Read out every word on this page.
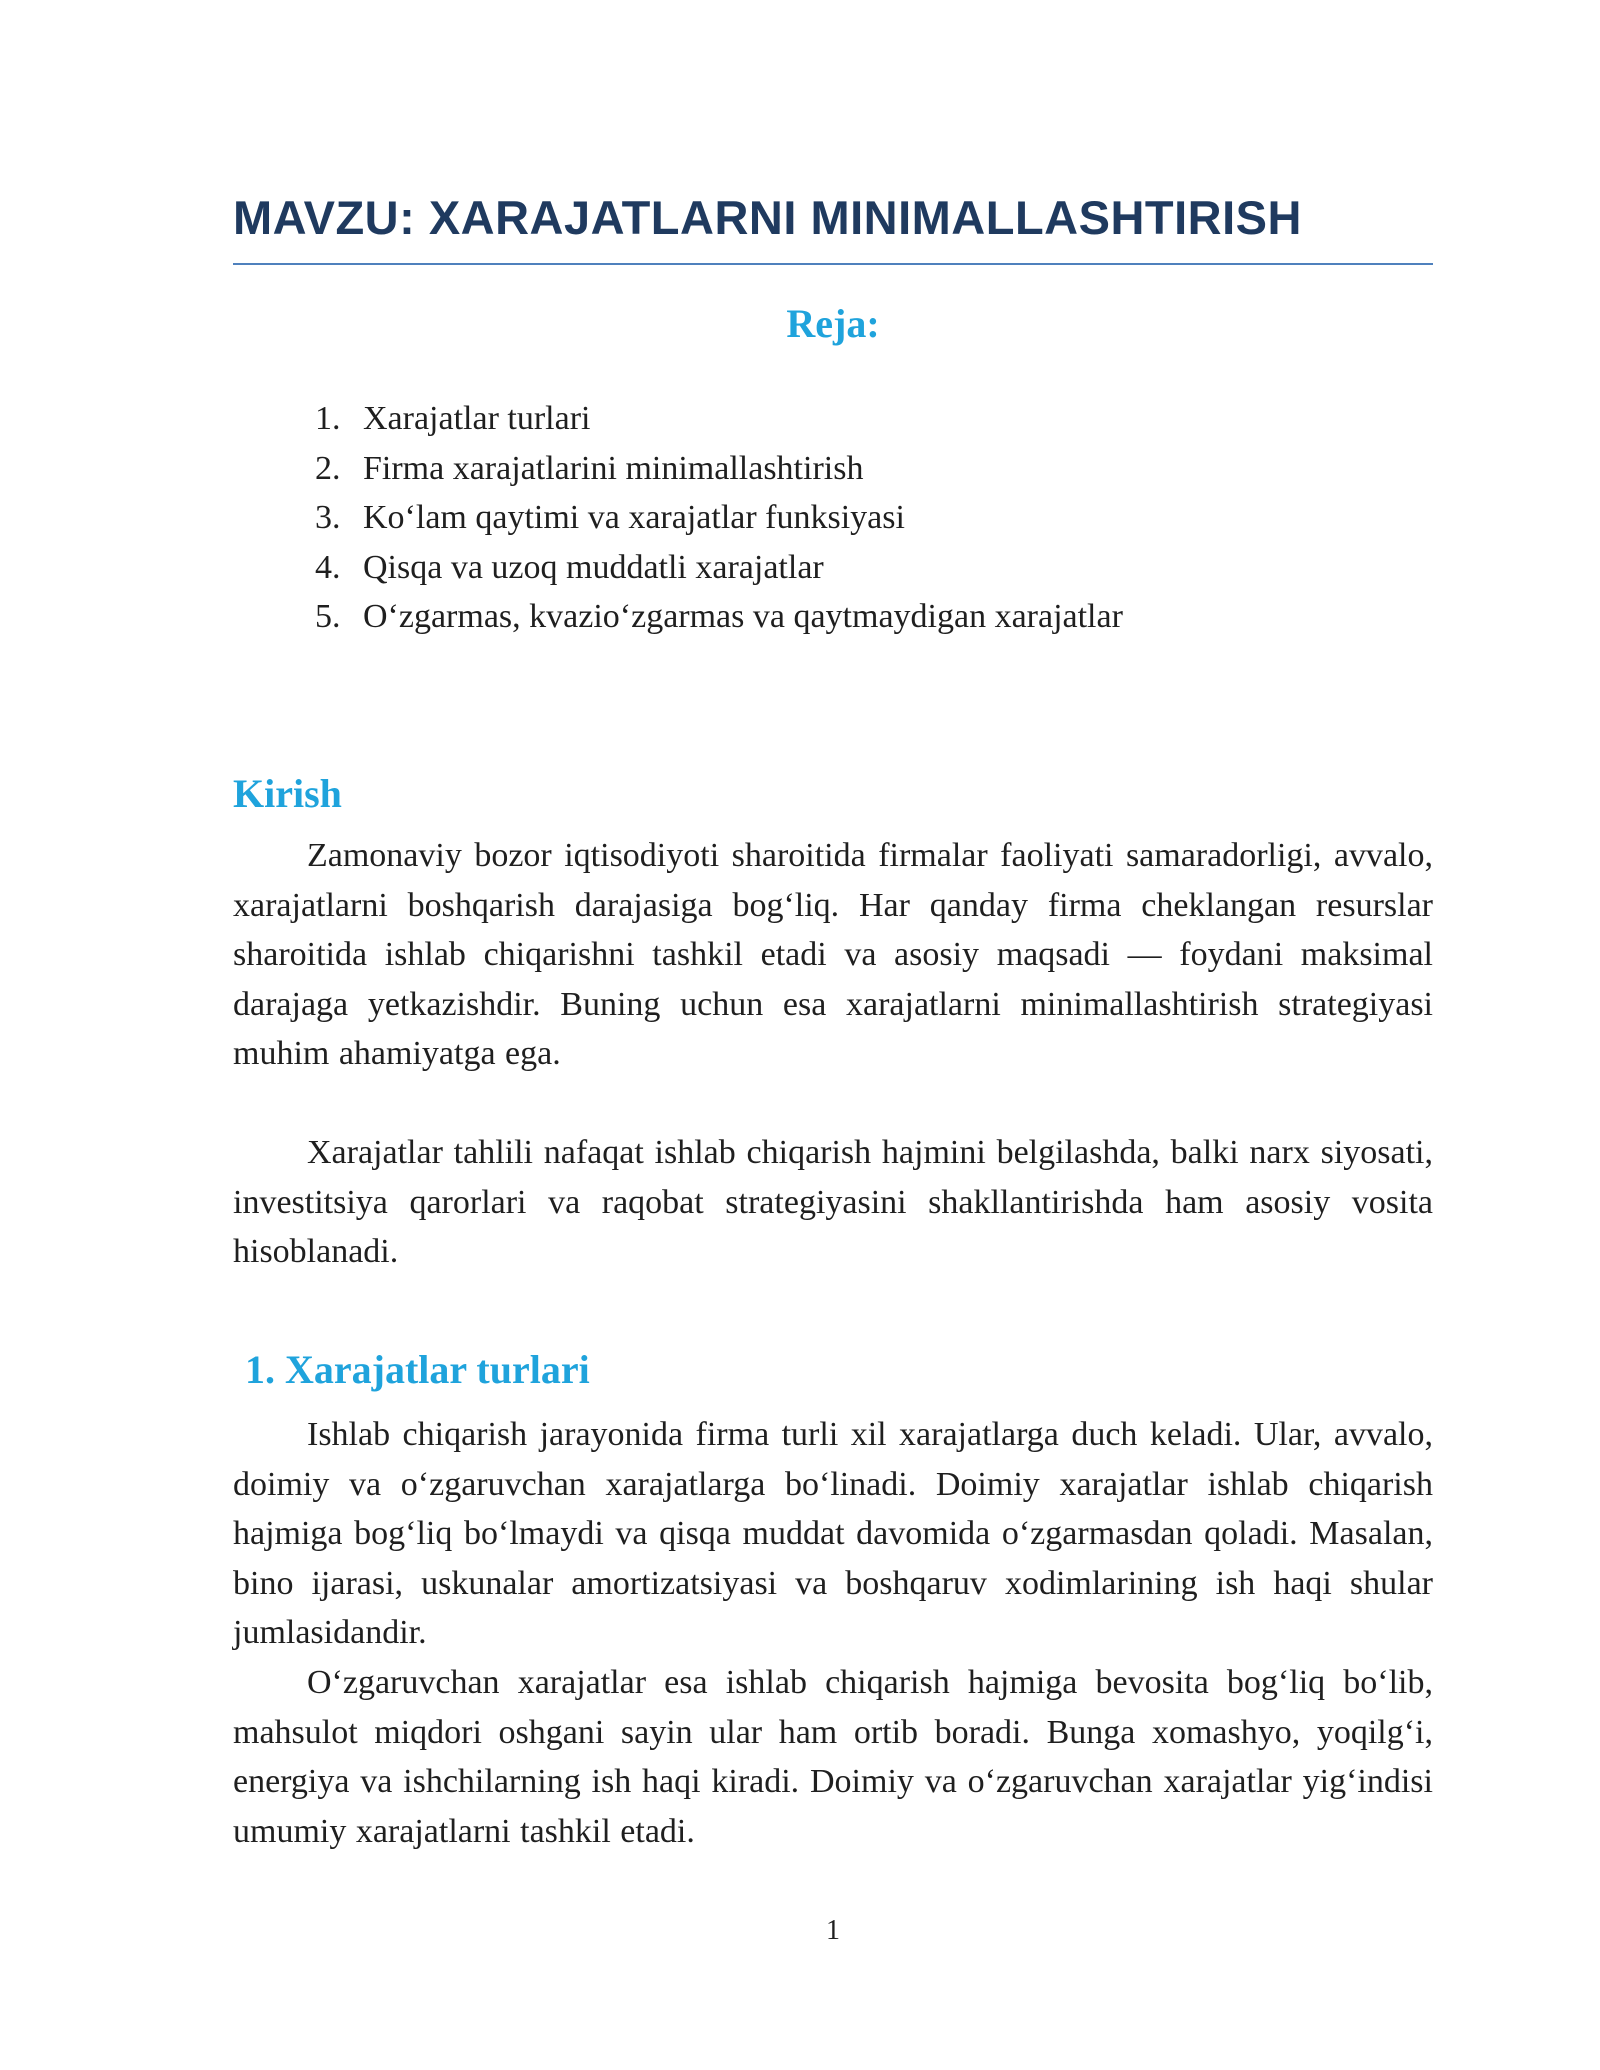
MAVZU: XARAJATLARNI MINIMALLASHTIRISH
Reja:
1. Xarajatlar turlari
2. Firma xarajatlarini minimallashtirish
3. Ko‘lam qaytimi va xarajatlar funksiyasi
4. Qisqa va uzoq muddatli xarajatlar
5. O‘zgarmas, kvazio‘zgarmas va qaytmaydigan xarajatlar
Kirish

Zamonaviy bozor iqtisodiyoti sharoitida firmalar faoliyati samaradorligi, avvalo, xarajatlarni boshqarish darajasiga bog‘liq. Har qanday firma cheklangan resurslar sharoitida ishlab chiqarishni tashkil etadi va asosiy maqsadi — foydani maksimal darajaga yetkazishdir. Buning uchun esa xarajatlarni minimallashtirish strategiyasi muhim ahamiyatga ega.

Xarajatlar tahlili nafaqat ishlab chiqarish hajmini belgilashda, balki narx siyosati, investitsiya qarorlari va raqobat strategiyasini shakllantirishda ham asosiy vosita hisoblanadi.

1. Xarajatlar turlari

Ishlab chiqarish jarayonida firma turli xil xarajatlarga duch keladi. Ular, avvalo, doimiy va o‘zgaruvchan xarajatlarga bo‘linadi. Doimiy xarajatlar ishlab chiqarish hajmiga bog‘liq bo‘lmaydi va qisqa muddat davomida o‘zgarmasdan qoladi. Masalan, bino ijarasi, uskunalar amortizatsiyasi va boshqaruv xodimlarining ish haqi shular jumlasidandir.

O‘zgaruvchan xarajatlar esa ishlab chiqarish hajmiga bevosita bog‘liq bo‘lib, mahsulot miqdori oshgani sayin ular ham ortib boradi. Bunga xomashyo, yoqilg‘i, energiya va ishchilarning ish haqi kiradi. Doimiy va o‘zgaruvchan xarajatlar yig‘indisi umumiy xarajatlarni tashkil etadi.

1
